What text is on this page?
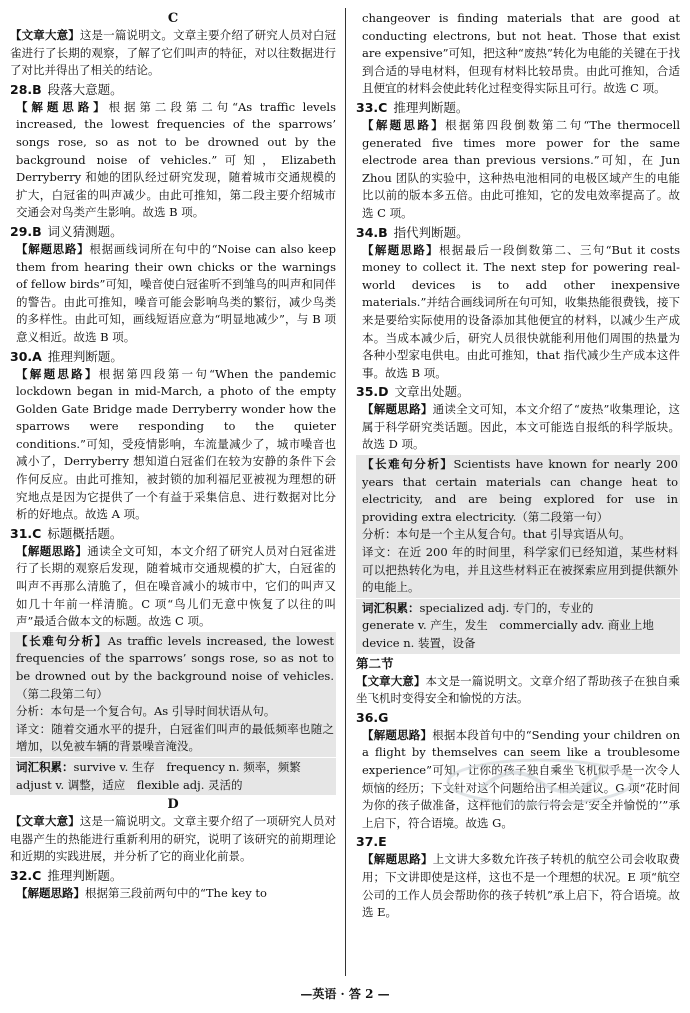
C

【文章大意】这是一篇说明文。文章主要介绍了研究人员对白冠雀进行了长期的观察，了解了它们叫声的特征，对以往数据进行了对比并得出了相关的结论。

28.B 段落大意题。

【解题思路】根据第二段第二句“As traffic levels increased, the lowest frequencies of the sparrows’ songs rose, so as not to be drowned out by the background noise of vehicles.”可知，Elizabeth Derryberry 和她的团队经过研究发现，随着城市交通规模的扩大，白冠雀的叫声减少。由此可推知，第二段主要介绍城市交通会对鸟类产生影响。故选 B 项。

29.B 词义猜测题。

【解题思路】根据画线词所在句中的“Noise can also keep them from hearing their own chicks or the warnings of fellow birds”可知，噪音使白冠雀听不到雏鸟的叫声和同伴的警告。由此可推知，噪音可能会影响鸟类的繁衍，减少鸟类的多样性。由此可知，画线短语应意为“明显地减少”，与 B 项意义相近。故选 B 项。

30.A 推理判断题。

【解题思路】根据第四段第一句“When the pandemic lockdown began in mid-March, a photo of the empty Golden Gate Bridge made Derryberry wonder how the sparrows were responding to the quieter conditions.”可知，受疫情影响，车流量减少了，城市噪音也减小了，Derryberry 想知道白冠雀们在较为安静的条件下会作何反应。由此可推知，被封锁的加利福尼亚被视为理想的研究地点是因为它提供了一个有益于采集信息、进行数据对比分析的好地点。故选 A 项。

31.C 标题概括题。

【解题思路】通读全文可知，本文介绍了研究人员对白冠雀进行了长期的观察后发现，随着城市交通规模的扩大，白冠雀的叫声不再那么清脆了，但在噪音减小的城市中，它们的叫声又如几十年前一样清脆。C 项“鸟儿们无意中恢复了以往的叫声”最适合做本文的标题。故选 C 项。

【长难句分析】As traffic levels increased, the lowest frequencies of the sparrows’ songs rose, so as not to be drowned out by the background noise of vehicles.（第二段第二句）

分析：本句是一个复合句。As 引导时间状语从句。

译文：随着交通水平的提升，白冠雀们叫声的最低频率也随之增加，以免被车辆的背景噪音淹没。

词汇积累：survive v. 生存　frequency n. 频率，频繁

adjust v. 调整，适应　flexible adj. 灵活的

D

【文章大意】这是一篇说明文。文章主要介绍了一项研究人员对电器产生的热能进行重新利用的研究，说明了该研究的前期理论和近期的实践进展，并分析了它的商业化前景。

32.C 推理判断题。

【解题思路】根据第三段前两句中的“The key to

changeover is finding materials that are good at conducting electrons, but not heat. Those that exist are expensive”可知，把这种“废热”转化为电能的关键在于找到合适的导电材料，但现有材料比较昂贵。由此可推知，合适且便宜的材料会使此转化过程变得实际且可行。故选 C 项。

33.C 推理判断题。

【解题思路】根据第四段倒数第二句“The thermocell generated five times more power for the same electrode area than previous versions.”可知，在 Jun Zhou 团队的实验中，这种热电池相同的电极区域产生的电能比以前的版本多五倍。由此可推知，它的发电效率提高了。故选 C 项。

34.B 指代判断题。

【解题思路】根据最后一段倒数第二、三句“But it costs money to collect it. The next step for powering real-world devices is to add other inexpensive materials.”并结合画线词所在句可知，收集热能很费钱，接下来是要给实际使用的设备添加其他便宜的材料，以减少生产成本。当成本减少后，研究人员很快就能利用他们周围的热量为各种小型家电供电。由此可推知，that 指代减少生产成本这件事。故选 B 项。

35.D 文章出处题。

【解题思路】通读全文可知，本文介绍了“废热”收集理论，这属于科学研究类话题。因此，本文可能选自报纸的科学版块。故选 D 项。

【长难句分析】Scientists have known for nearly 200 years that certain materials can change heat to electricity, and are being explored for use in providing extra electricity.（第二段第一句）

分析：本句是一个主从复合句。that 引导宾语从句。

译文：在近 200 年的时间里，科学家们已经知道，某些材料可以把热转化为电，并且这些材料正在被探索应用到提供额外的电能上。

词汇积累：specialized adj. 专门的，专业的

generate v. 产生，发生　commercially adv. 商业上地

device n. 装置，设备

第二节

【文章大意】本文是一篇说明文。文章介绍了帮助孩子在独自乘坐飞机时变得安全和愉悦的方法。

36.G

【解题思路】根据本段首句中的“Sending your children on a flight by themselves can seem like a troublesome experience”可知，让你的孩子独自乘坐飞机似乎是一次令人烦恼的经历；下文针对这个问题给出了相关建议。G 项“花时间为你的孩子做准备，这样他们的旅行将会是‘安全并愉悦的’”承上启下，符合语境。故选 G。

37.E

【解题思路】上文讲大多数允许孩子转机的航空公司会收取费用；下文讲即使是这样，这也不是一个理想的状况。E 项“航空公司的工作人员会帮助你的孩子转机”承上启下，符合语境。故选 E。

—英语 · 答 2 —
